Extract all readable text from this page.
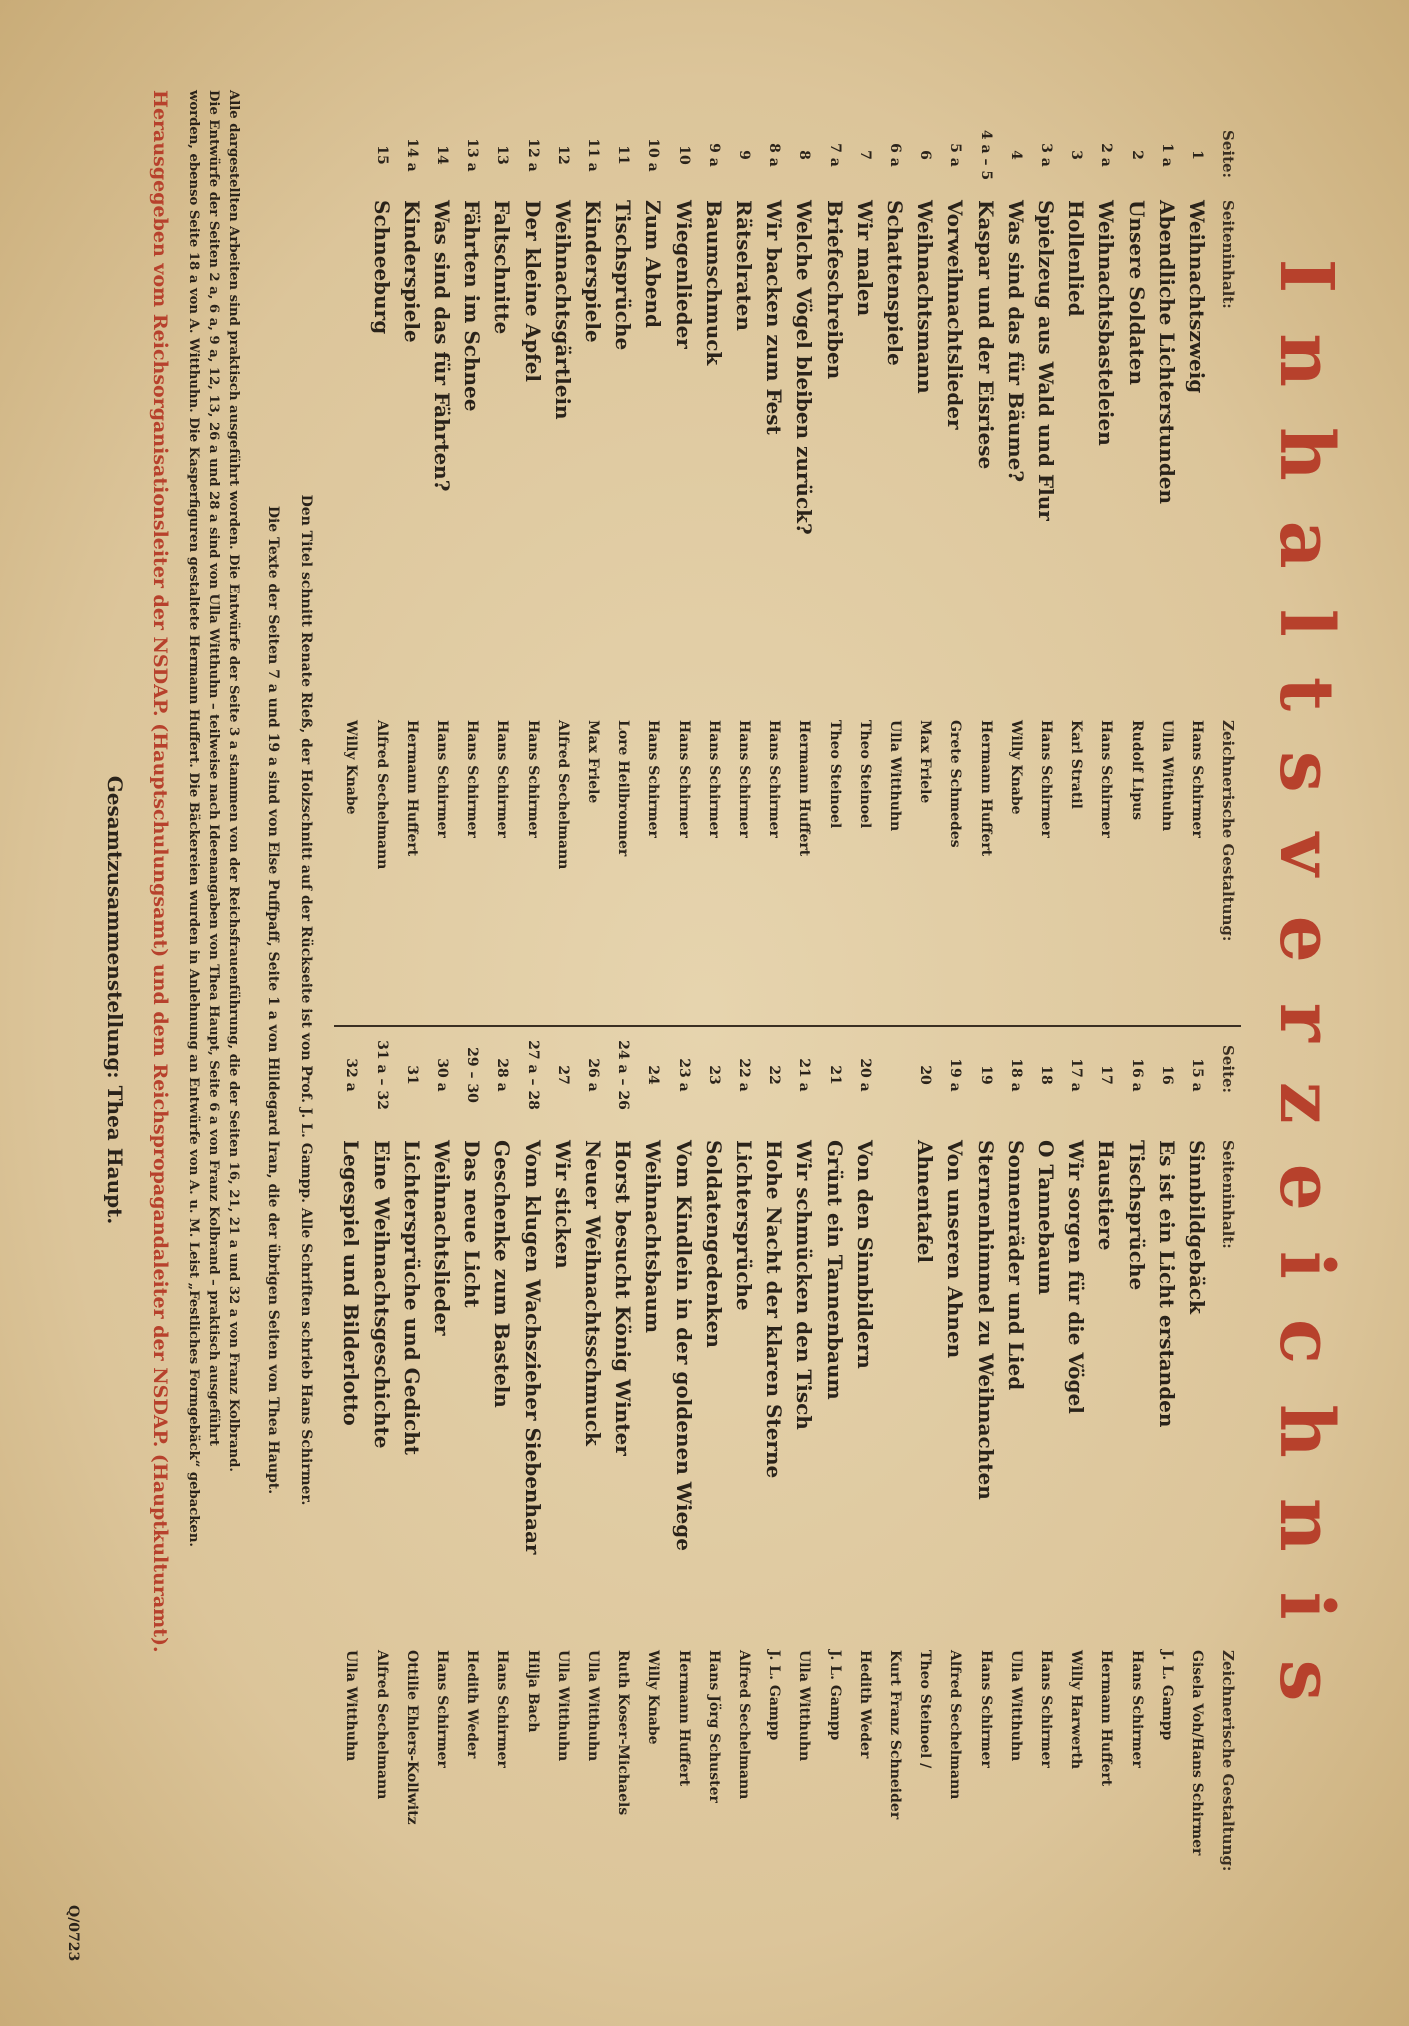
Inhaltsverzeichnis
Seite:
Seiteninhalt:
Zeichnerische Gestaltung:
Seite:
Seiteninhalt:
Zeichnerische Gestaltung:
1
Weihnachtszweig
Hans Schirmer
1 a
Abendliche Lichterstunden
Ulla Witthuhn
2
Unsere Soldaten
Rudolf Lipus
2 a
Weihnachtsbasteleien
Hans Schirmer
3
Hollenlied
Karl Stratil
3 a
Spielzeug aus Wald und Flur
Hans Schirmer
4
Was sind das für Bäume?
Willy Knabe
4 a – 5
Kaspar und der Eisriese
Hermann Huffert
5 a
Vorweihnachtslieder
Grete Schmedes
6
Weihnachtsmann
Max Friele
6 a
Schattenspiele
Ulla Witthuhn
7
Wir malen
Theo Steinoel
7 a
Briefeschreiben
Theo Steinoel
8
Welche Vögel bleiben zurück?
Hermann Huffert
8 a
Wir backen zum Fest
Hans Schirmer
9
Rätselraten
Hans Schirmer
9 a
Baumschmuck
Hans Schirmer
10
Wiegenlieder
Hans Schirmer
10 a
Zum Abend
Hans Schirmer
11
Tischsprüche
Lore Heilbronner
11 a
Kinderspiele
Max Friele
12
Weihnachtsgärtlein
Alfred Sechelmann
12 a
Der kleine Apfel
Hans Schirmer
13
Faltschnitte
Hans Schirmer
13 a
Fährten im Schnee
Hans Schirmer
14
Was sind das für Fährten?
Hans Schirmer
14 a
Kinderspiele
Hermann Huffert
15
Schneeburg
Alfred Sechelmann
Willy Knabe
15 a
Sinnbildgebäck
Gisela Voh/Hans Schirmer
16
Es ist ein Licht erstanden
J. L. Gampp
16 a
Tischsprüche
Hans Schirmer
17
Haustiere
Hermann Huffert
17 a
Wir sorgen für die Vögel
Willy Harwerth
18
O Tannebaum
Hans Schirmer
18 a
Sonnenräder und Lied
Ulla Witthuhn
19
Sternenhimmel zu Weihnachten
Hans Schirmer
19 a
Von unseren Ahnen
Alfred Sechelmann
20
Ahnentafel
Theo Steinoel /
Kurt Franz Schneider
20 a
Von den Sinnbildern
Hedith Weder
21
Grünt ein Tannenbaum
J. L. Gampp
21 a
Wir schmücken den Tisch
Ulla Witthuhn
22
Hohe Nacht der klaren Sterne
J. L. Gampp
22 a
Lichtersprüche
Alfred Sechelmann
23
Soldatengedenken
Hans Jörg Schuster
23 a
Vom Kindlein in der goldenen Wiege
Hermann Huffert
24
Weihnachtsbaum
Willy Knabe
24 a – 26
Horst besucht König Winter
Ruth Koser-Michaels
26 a
Neuer Weihnachtsschmuck
Ulla Witthuhn
27
Wir sticken
Ulla Witthuhn
27 a – 28
Vom klugen Wachszieher Siebenhaar
Hilja Bach
28 a
Geschenke zum Basteln
Hans Schirmer
29 – 30
Das neue Licht
Hedith Weder
30 a
Weihnachtslieder
Hans Schirmer
31
Lichtersprüche und Gedicht
Ottilie Ehlers-Kollwitz
31 a – 32
Eine Weihnachtsgeschichte
Alfred Sechelmann
32 a
Legespiel und Bilderlotto
Ulla Witthuhn
Den Titel schnitt Renate Rieß, der Holzschnitt auf der Rückseite ist von Prof. J. L. Gampp. Alle Schriften schrieb Hans Schirmer.
Die Texte der Seiten 7 a und 19 a sind von Else Puffpaff, Seite 1 a von Hildegard Iran, die der übrigen Seiten von Thea Haupt.
Alle dargestellten Arbeiten sind praktisch ausgeführt worden. Die Entwürfe der Seite 3 a stammen von der Reichsfrauenführung, die der Seiten 16, 21, 21 a und 32 a von Franz Kolbrand.
Die Entwürfe der Seiten 2 a, 6 a, 9 a, 12, 13, 26 a und 28 a sind von Ulla Witthuhn – teilweise nach Ideenangaben von Thea Haupt, Seite 6 a von Franz Kolbrand – praktisch ausgeführt
worden, ebenso Seite 18 a von A. Witthuhn. Die Kasperfiguren gestaltete Hermann Huffert. Die Bäckereien wurden in Anlehnung an Entwürfe von A. u. M. Leist „Festliches Formgebäck“ gebacken.
Herausgegeben vom Reichsorganisationsleiter der NSDAP. (Hauptschulungsamt) und dem Reichspropagandaleiter der NSDAP. (Hauptkulturamt).
Gesamtzusammenstellung: Thea Haupt.
Q/0723
